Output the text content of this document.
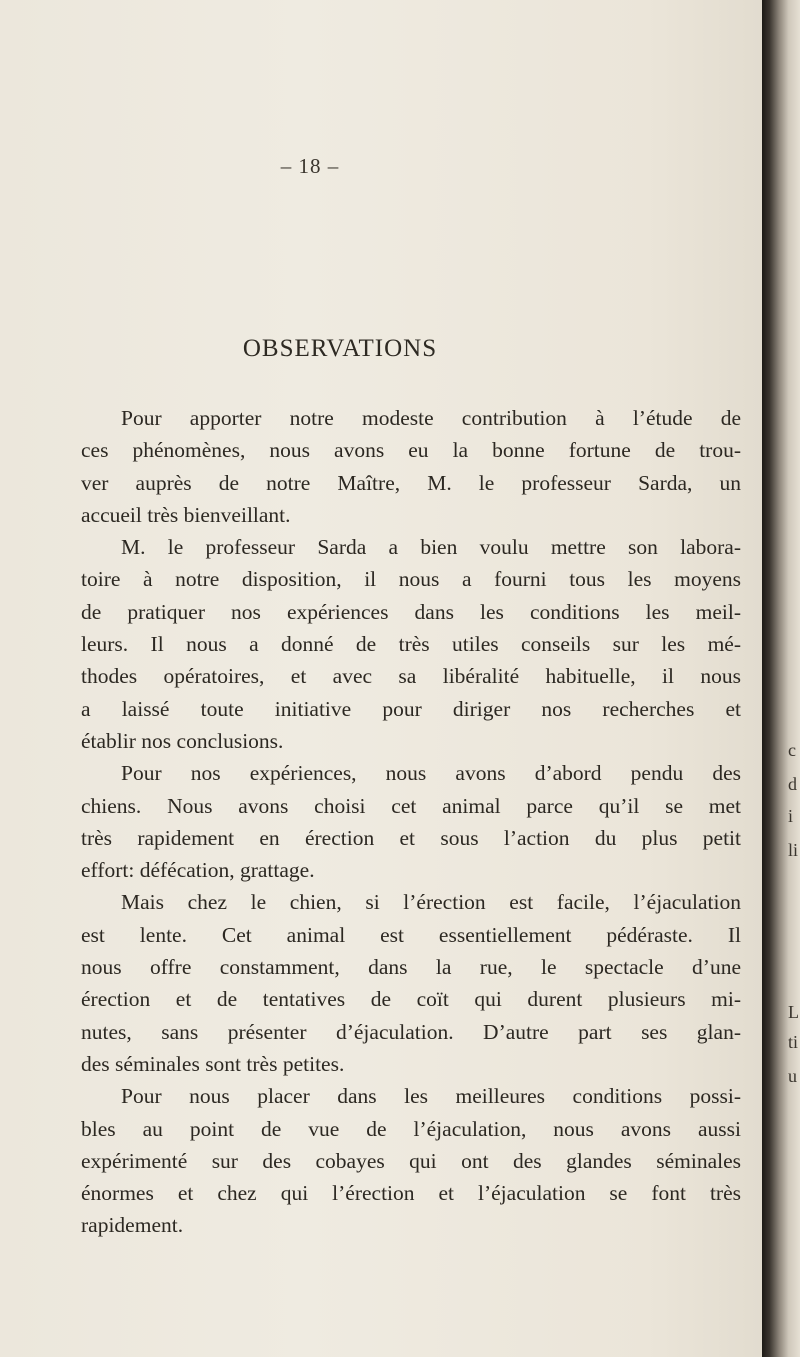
– 18 –
OBSERVATIONS
Pour apporter notre modeste contribution à l’étude de
ces phénomènes, nous avons eu la bonne fortune de trou-
ver auprès de notre Maître, M. le professeur Sarda, un
accueil très bienveillant.
M. le professeur Sarda a bien voulu mettre son labora-
toire à notre disposition, il nous a fourni tous les moyens
de pratiquer nos expériences dans les conditions les meil-
leurs. Il nous a donné de très utiles conseils sur les mé-
thodes opératoires, et avec sa libéralité habituelle, il nous
a laissé toute initiative pour diriger nos recherches et
établir nos conclusions.
Pour nos expériences, nous avons d’abord pendu des
chiens. Nous avons choisi cet animal parce qu’il se met
très rapidement en érection et sous l’action du plus petit
effort: défécation, grattage.
Mais chez le chien, si l’érection est facile, l’éjaculation
est lente. Cet animal est essentiellement pédéraste. Il
nous offre constamment, dans la rue, le spectacle d’une
érection et de tentatives de coït qui durent plusieurs mi-
nutes, sans présenter d’éjaculation. D’autre part ses glan-
des séminales sont très petites.
Pour nous placer dans les meilleures conditions possi-
bles au point de vue de l’éjaculation, nous avons aussi
expérimenté sur des cobayes qui ont des glandes séminales
énormes et chez qui l’érection et l’éjaculation se font très
rapidement.
c
d
i
li
L
ti
u
